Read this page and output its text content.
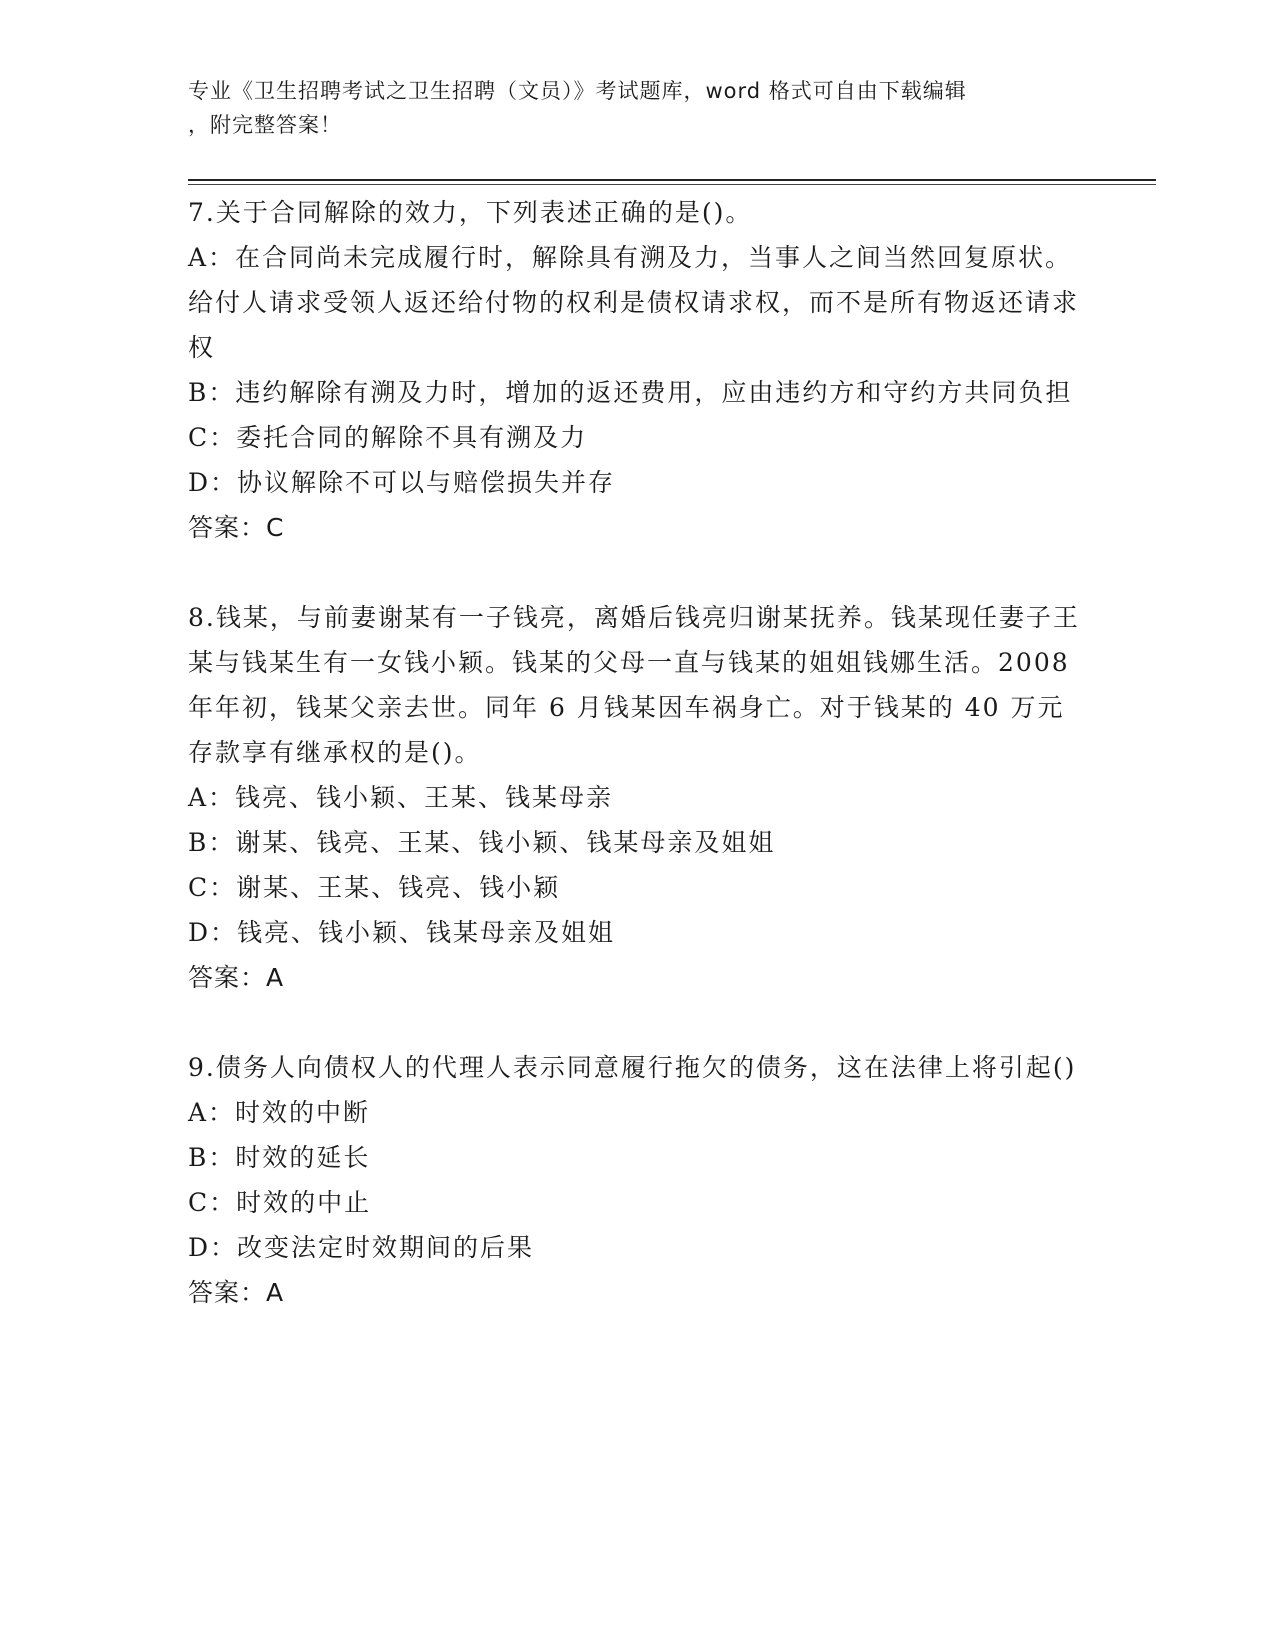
专业《卫生招聘考试之卫生招聘（文员）》考试题库，word 格式可自由下载编辑
，附完整答案！

7.关于合同解除的效力，下列表述正确的是()。

A：在合同尚未完成履行时，解除具有溯及力，当事人之间当然回复原状。给付人请求受领人返还给付物的权利是债权请求权，而不是所有物返还请求权

B：违约解除有溯及力时，增加的返还费用，应由违约方和守约方共同负担

C：委托合同的解除不具有溯及力

D：协议解除不可以与赔偿损失并存

答案：C

8.钱某，与前妻谢某有一子钱亮，离婚后钱亮归谢某抚养。钱某现任妻子王某与钱某生有一女钱小颖。钱某的父母一直与钱某的姐姐钱娜生活。2008 年年初，钱某父亲去世。同年 6 月钱某因车祸身亡。对于钱某的 40 万元存款享有继承权的是()。

A：钱亮、钱小颖、王某、钱某母亲

B：谢某、钱亮、王某、钱小颖、钱某母亲及姐姐

C：谢某、王某、钱亮、钱小颖

D：钱亮、钱小颖、钱某母亲及姐姐

答案：A

9.债务人向债权人的代理人表示同意履行拖欠的债务，这在法律上将引起()

A：时效的中断

B：时效的延长

C：时效的中止

D：改变法定时效期间的后果

答案：A
